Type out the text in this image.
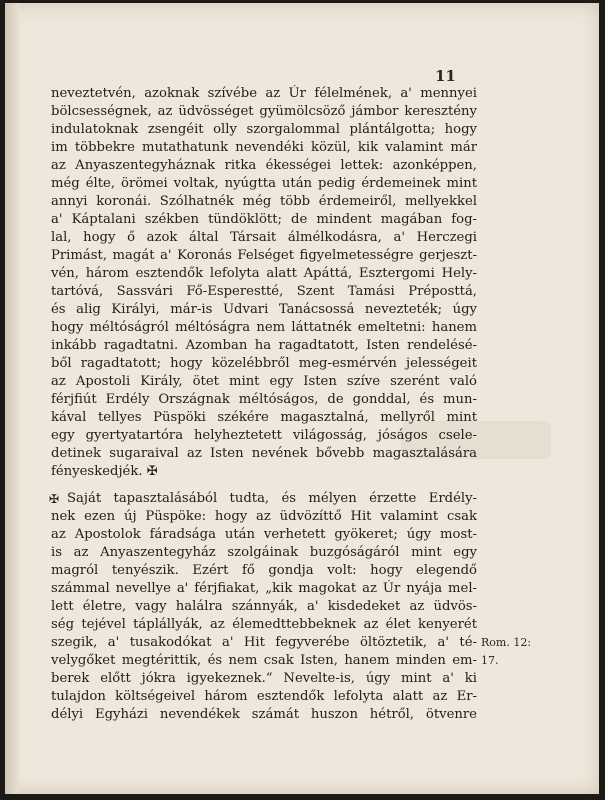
11
neveztetvén, azoknak szívébe az Úr félelmének, a' mennyei
bölcsességnek, az üdvösséget gyümölcsöző jámbor keresztény
indulatoknak zsengéit olly szorgalommal plántálgotta; hogy
im többekre mutathatunk nevendéki közül, kik valamint már
az Anyaszentegyháznak ritka ékességei lettek: azonképpen,
még élte, örömei voltak, nyúgtta után pedig érdemeinek mint
annyi koronái. Szólhatnék még több érdemeiről, mellyekkel
a' Káptalani székben tündöklött; de mindent magában fog-
lal, hogy ő azok által Társait álmélkodásra, a' Herczegi
Primást, magát a' Koronás Felséget figyelmetességre gerjeszt-
vén, három esztendők lefolyta alatt Apáttá, Esztergomi Hely-
tartóvá, Sassvári Fő-Esperestté, Szent Tamási Préposttá,
és alig Királyi, már-is Udvari Tanácsossá nevezteték; úgy
hogy méltóságról méltóságra nem láttatnék emeltetni: hanem
inkább ragadtatni. Azomban ha ragadtatott, Isten rendelésé-
ből ragadtatott; hogy közelébbről meg-esmérvén jelességeit
az Apostoli Király, ötet mint egy Isten szíve szerént való
férjfiút Erdély Országnak méltóságos, de gonddal, és mun-
kával tellyes Püspöki székére magasztalná, mellyről mint
egy gyertyatartóra helyheztetett világosság, jóságos csele-
detinek sugaraival az Isten nevének bővebb magasztalására
fényeskedjék. ✠
✠ Saját tapasztalásából tudta, és mélyen érzette Erdély-
nek ezen új Püspöke: hogy az üdvözíttő Hit valamint csak
az Apostolok fáradsága után verhetett gyökeret; úgy most-
is az Anyaszentegyház szolgáinak buzgóságáról mint egy
magról tenyészik. Ezért fő gondja volt: hogy elegendő
számmal nevellye a' férjfiakat, „kik magokat az Úr nyája mel-
lett életre, vagy halálra szánnyák, a' kisdedeket az üdvös-
ség tejével táplállyák, az élemedttebbeknek az élet kenyerét
szegik, a' tusakodókat a' Hit fegyverébe öltöztetik, a' té-
velygőket megtérittik, és nem csak Isten, hanem minden em-
berek előtt jókra igyekeznek.“ Nevelte-is, úgy mint a' ki
tulajdon költségeivel három esztendők lefolyta alatt az Er-
délyi Egyházi nevendékek számát huszon hétről, ötvenre
Rom. 12:
17.
